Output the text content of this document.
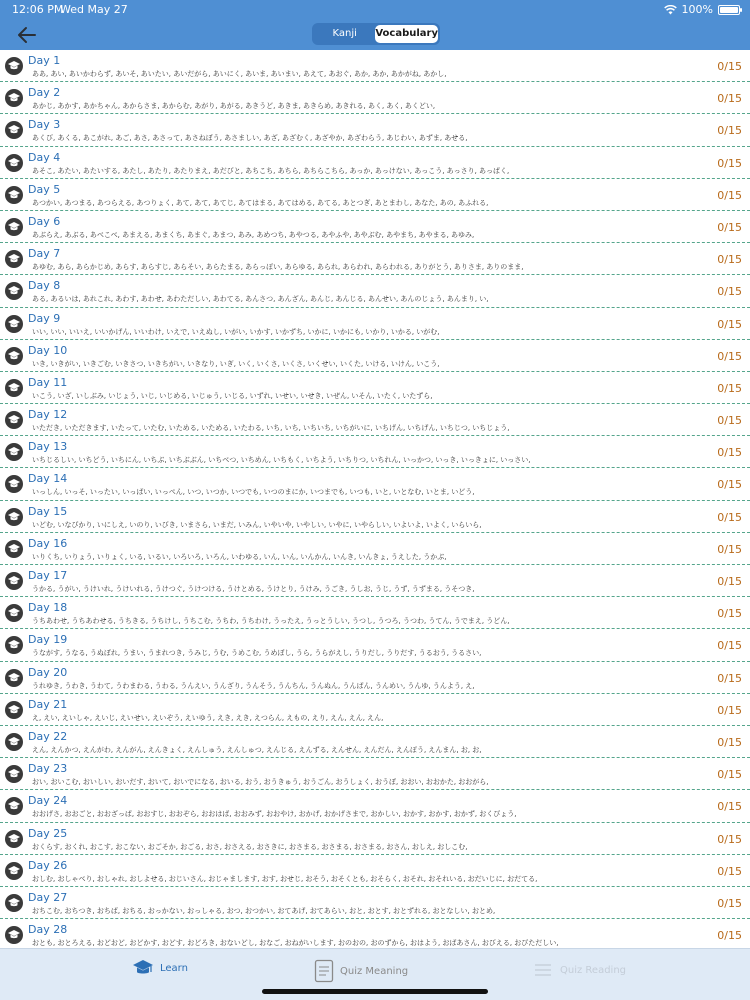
12:06 PM
Wed May 27	100%
Kanji	Vocabulary
Day 1
ああ, あい, あいかわらず, あいそ, あいたい, あいだがら, あいにく, あいま, あいまい, あえて, あおぐ, あか, あか, あかがね, あかし,
0/15
Day 2
あかじ, あかす, あかちゃん, あからさま, あからむ, あがり, あがる, あきうど, あきま, あきらめ, あきれる, あく, あく, あくどい,
0/15
Day 3
あくび, あくる, あこがれ, あご, あさ, あさって, あさねぼう, あさましい, あざ, あざむく, あざやか, あざわらう, あじわい, あずま, あせる,
0/15
Day 4
あそこ, あたい, あたいする, あたし, あたり, あたりまえ, あだびと, あちこち, あちら, あちらこちら, あっか, あっけない, あっこう, あっさり, あっぱく,
0/15
Day 5
あつかい, あつまる, あつらえる, あつりょく, あて, あて, あてじ, あてはまる, あてはめる, あてる, あとつぎ, あとまわし, あなた, あの, あふれる,
0/15
Day 6
あぶらえ, あぶる, あべこべ, あまえる, あまくち, あまぐ, あまつ, あみ, あめつち, あやつる, あやふや, あやぶむ, あやまち, あやまる, あゆみ,
0/15
Day 7
あゆむ, あら, あらかじめ, あらす, あらすじ, あらそい, あらたまる, あらっぽい, あらゆる, あられ, あらわれ, あらわれる, ありがとう, ありさま, ありのまま,
0/15
Day 8
ある, あるいは, あれこれ, あわす, あわせ, あわただしい, あわてる, あんさつ, あんざん, あんじ, あんじる, あんせい, あんのじょう, あんまり, い,
0/15
Day 9
いい, いい, いいえ, いいかげん, いいわけ, いえで, いえぬし, いがい, いかす, いかずち, いかに, いかにも, いかり, いかる, いがむ,
0/15
Day 10
いき, いきがい, いきごむ, いきさつ, いきちがい, いきなり, いぎ, いく, いくさ, いくさ, いくせい, いくた, いける, いけん, いこう,
0/15
Day 11
いこう, いざ, いしぶみ, いじょう, いじ, いじめる, いじゅう, いじる, いずれ, いせい, いせき, いぜん, いそん, いたく, いたずら,
0/15
Day 12
いただき, いただきます, いたって, いたむ, いためる, いためる, いたわる, いち, いち, いちいち, いちがいに, いちげん, いちげん, いちじつ, いちじょう,
0/15
Day 13
いちじるしい, いちどう, いちにん, いちぶ, いちぶぶん, いちべつ, いちめん, いちもく, いちよう, いちりつ, いちれん, いっかつ, いっき, いっきょに, いっさい,
0/15
Day 14
いっしん, いっそ, いったい, いっぱい, いっぺん, いつ, いつか, いつでも, いつのまにか, いつまでも, いつも, いと, いとなむ, いとま, いどう,
0/15
Day 15
いどむ, いなびかり, いにしえ, いのり, いびき, いまさら, いまだ, いみん, いやいや, いやしい, いやに, いやらしい, いよいよ, いよく, いらいら,
0/15
Day 16
いりくち, いりょう, いりょく, いる, いるい, いろいろ, いろん, いわゆる, いん, いん, いんかん, いんき, いんきょ, うえした, うかぶ,
0/15
Day 17
うかる, うがい, うけいれ, うけいれる, うけつぐ, うけつける, うけとめる, うけとり, うけみ, うごき, うしお, うじ, うず, うずまる, うそつき,
0/15
Day 18
うちあわせ, うちあわせる, うちきる, うちけし, うちこむ, うちわ, うちわけ, うったえ, うっとうしい, うつし, うつろ, うつわ, うてん, うでまえ, うどん,
0/15
Day 19
うながす, うなる, うぬぼれ, うまい, うまれつき, うみじ, うむ, うめこむ, うめぼし, うら, うらがえし, うりだし, うりだす, うるおう, うるさい,
0/15
Day 20
うれゆき, うわき, うわて, うわまわる, うわる, うんえい, うんざり, うんそう, うんちん, うんぬん, うんぱん, うんめい, うんゆ, うんよう, え,
0/15
Day 21
え, えい, えいしゃ, えいじ, えいせい, えいぞう, えいゆう, えき, えき, えつらん, えもの, えり, えん, えん, えん,
0/15
Day 22
えん, えんかつ, えんがわ, えんがん, えんきょく, えんしゅう, えんしゅつ, えんじる, えんずる, えんせん, えんだん, えんぽう, えんまん, お, お,
0/15
Day 23
おい, おいこむ, おいしい, おいだす, おいて, おいでになる, おいる, おう, おうきゅう, おうごん, おうしょく, おうぼ, おおい, おおかた, おおがら,
0/15
Day 24
おおげさ, おおごと, おおざっぱ, おおすじ, おおぞら, おおはば, おおみず, おおやけ, おかげ, おかげさまで, おかしい, おかす, おかす, おかず, おくびょう,
0/15
Day 25
おくらす, おくれ, おこす, おこない, おごそか, おごる, おさ, おさえる, おさきに, おさまる, おさまる, おさまる, おさん, おしえ, おしこむ,
0/15
Day 26
おしむ, おしゃべり, おしゃれ, おしよせる, おじいさん, おじゃまします, おす, おせじ, おそう, おそくとも, おそらく, おそれ, おそれいる, おだいじに, おだてる,
0/15
Day 27
おちこむ, おちつき, おちば, おちる, おっかない, おっしゃる, おつ, おつかい, おてあげ, おてあらい, おと, おとす, おとずれる, おとなしい, おとめ,
0/15
Day 28
おとも, おとろえる, おどおど, おどかす, おどす, おどろき, おないどし, おなご, おねがいします, おのおの, おのずから, おはよう, おばあさん, おびえる, おびただしい,
0/15
Learn	Quiz Meaning	Quiz Reading
